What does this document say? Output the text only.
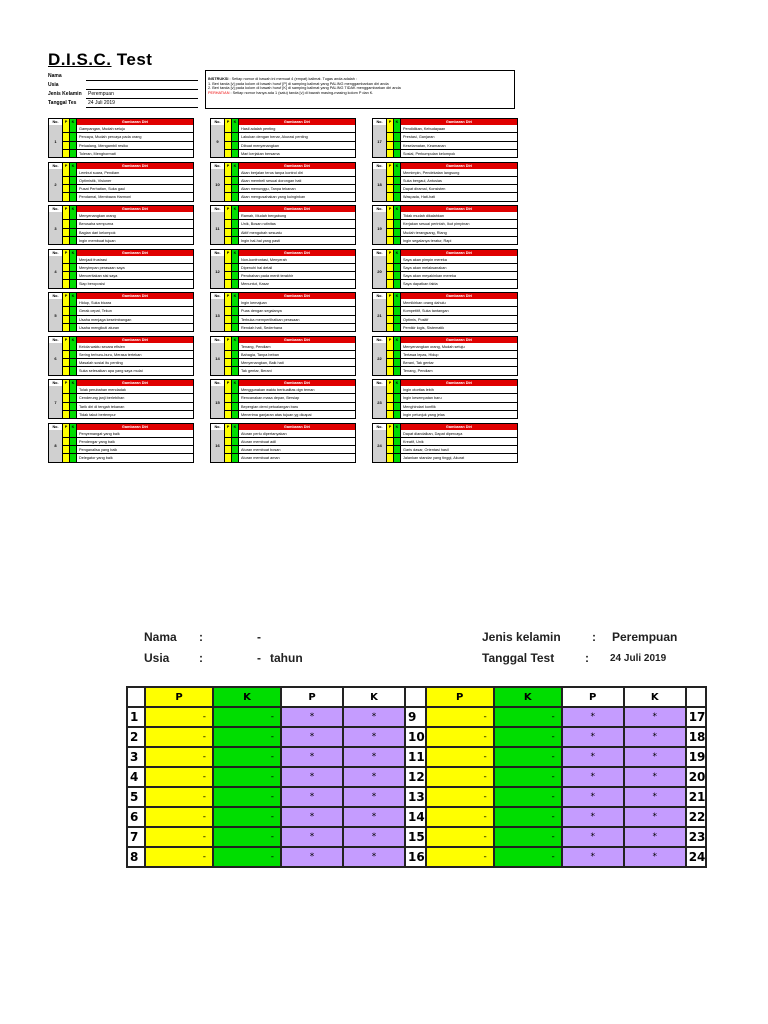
D.I.S.C. Test
Nama
Usia
Jenis Kelamin	Perempuan
Tanggal Tes	24 Juli 2019
INSTRUKSI : Setiap nomor di bawah ini memuat 4 (empat) kalimat. Tugas anda adalah :
1. Beri tanda [v] pada kolom di bawah huruf [P] di samping kalimat yang PALING menggambarkan diri anda
2. Beri tanda [v] pada kolom di bawah huruf [K] di samping kalimat yang PALING TIDAK menggambarkan diri anda
PERHATIAN : Setiap nomor hanya ada 1 (satu) tanda [v] di bawah masing-masing kolom P dan K.
No.	P	K	Gambaran Diri
1
Gampangan, Mudah setuju
Percaya, Mudah percaya pada orang
Petualang, Mengambil resiko
Toleran, Menghormati
No.	P	K	Gambaran Diri
2
Lembut suara, Pendiam
Optimistik, Visioner
Pusat Perhatian, Suka gaul
Pendamai, Membawa Harmoni
No.	P	K	Gambaran Diri
3
Menyenangkan orang
Berusaha sempurna
Bagian dari kelompok
Ingin membuat tujuan
No.	P	K	Gambaran Diri
4
Menjadi frustrasi
Menyimpan perasaan saya
Menceritakan sisi saya
Siap beroposisi
No.	P	K	Gambaran Diri
5
Hidup, Suka bicara
Gerak cepat, Tekun
Usaha menjaga keseimbangan
Usaha mengikuti aturan
No.	P	K	Gambaran Diri
6
Kelola waktu secara efisien
Sering terburu-buru, Merasa tertekan
Masalah sosial itu penting
Suka selesaikan apa yang saya mulai
No.	P	K	Gambaran Diri
7
Tolak perubahan mendadak
Cenderung janji berlebihan
Tarik diri di tengah tekanan
Tidak takut bertempur
No.	P	K	Gambaran Diri
8
Penyemangat yang baik
Pendengar yang baik
Penganalisa yang baik
Delegator yang baik
No.	P	K	Gambaran Diri
9
Hasil adalah penting
Lakukan dengan benar, Akurasi penting
Dibuat menyenangkan
Mari kerjakan bersama
No.	P	K	Gambaran Diri
10
Akan berjalan terus tanpa kontrol diri
Akan membeli sesuai dorongan hati
Akan menunggu, Tanpa tekanan
Akan mengusahakan yang kuinginkan
No.	P	K	Gambaran Diri
11
Ramah, Mudah bergabung
Unik, Bosan rutinitas
Aktif mengubah sesuatu
Ingin hal-hal yang pasti
No.	P	K	Gambaran Diri
12
Non-konfrontasi, Menyerah
Dipenuhi hal detail
Perubahan pada menit terakhir
Menuntut, Kasar
No.	P	K	Gambaran Diri
13
Ingin kemajuan
Puas dengan segalanya
Terbuka memperlihatkan perasaan
Rendah hati, Sederhana
No.	P	K	Gambaran Diri
14
Tenang, Pendiam
Bahagia, Tanpa beban
Menyenangkan, Baik hati
Tak gentar, Berani
No.	P	K	Gambaran Diri
15
Menggunakan waktu berkualitas dgn teman
Rencanakan masa depan, Bersiap
Bepergian demi petualangan baru
Menerima ganjaran atas tujuan yg dicapai
No.	P	K	Gambaran Diri
16
Aturan perlu dipertanyakan
Aturan membuat adil
Aturan membuat bosan
Aturan membuat aman
No.	P	K	Gambaran Diri
17
Pendidikan, Kebudayaan
Prestasi, Ganjaran
Keselamatan, Keamanan
Sosial, Perkumpulan kelompok
No.	P	K	Gambaran Diri
18
Memimpin, Pendekatan langsung
Suka bergaul, Antusias
Dapat diramal, Konsisten
Waspada, Hati-hati
No.	P	K	Gambaran Diri
19
Tidak mudah dikalahkan
Kerjakan sesuai perintah, Ikut pimpinan
Mudah terangsang, Riang
Ingin segalanya teratur, Rapi
No.	P	K	Gambaran Diri
20
Saya akan pimpin mereka
Saya akan melaksanakan
Saya akan meyakinkan mereka
Saya dapatkan fakta
No.	P	K	Gambaran Diri
21
Memikirkan orang dahulu
Kompetitif, Suka tantangan
Optimis, Positif
Pemikir logis, Sistematik
No.	P	K	Gambaran Diri
22
Menyenangkan orang, Mudah setuju
Tertawa lepas, Hidup
Berani, Tak gentar
Tenang, Pendiam
No.	P	K	Gambaran Diri
23
Ingin otoritas lebih
Ingin kesempatan baru
Menghindari konflik
Ingin petunjuk yang jelas
No.	P	K	Gambaran Diri
24
Dapat diandalkan, Dapat dipercaya
Kreatif, Unik
Garis dasar, Orientasi hasil
Jalankan standar yang tinggi, Akurat
Nama :	-
Usia :	- tahun
Jenis kelamin	: Perempuan
Tanggal Test	: 24 Juli 2019
	P	K	P	K		P	K	P	K	
1	-	-	*	*	9	-	-	*	*	17
2	-	-	*	*	10	-	-	*	*	18
3	-	-	*	*	11	-	-	*	*	19
4	-	-	*	*	12	-	-	*	*	20
5	-	-	*	*	13	-	-	*	*	21
6	-	-	*	*	14	-	-	*	*	22
7	-	-	*	*	15	-	-	*	*	23
8	-	-	*	*	16	-	-	*	*	24
